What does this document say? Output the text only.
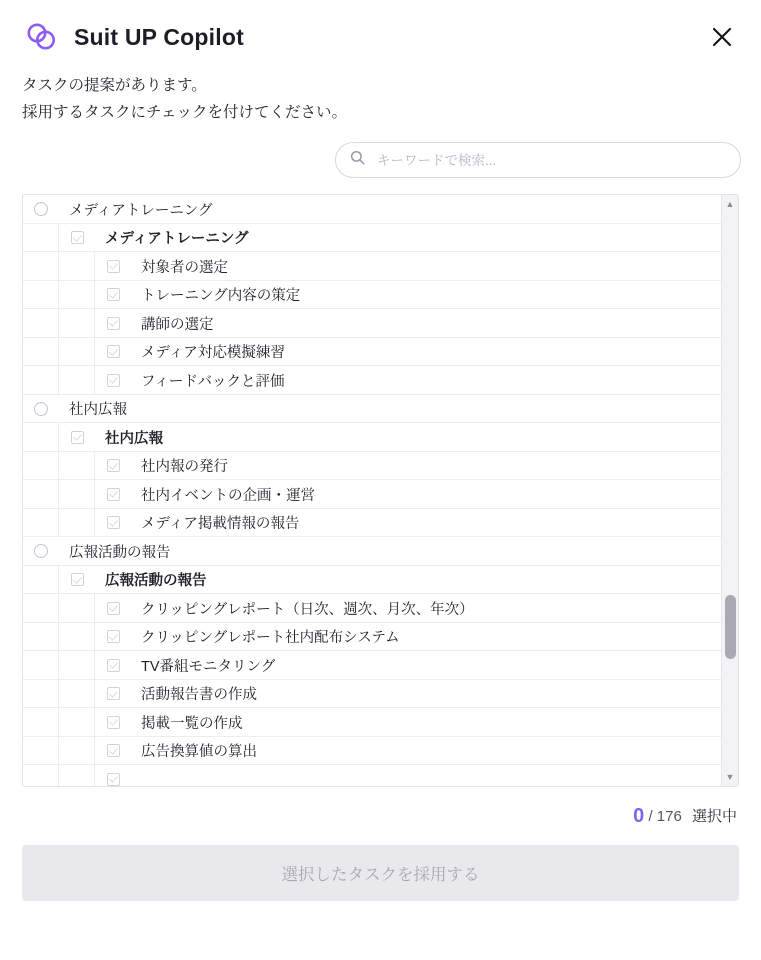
Suit UP Copilot
タスクの提案があります。
採用するタスクにチェックを付けてください。
キーワードで検索...
メディアトレーニング
メディアトレーニング
対象者の選定
トレーニング内容の策定
講師の選定
メディア対応模擬練習
フィードバックと評価
社内広報
社内広報
社内報の発行
社内イベントの企画・運営
メディア掲載情報の報告
広報活動の報告
広報活動の報告
クリッピングレポート（日次、週次、月次、年次）
クリッピングレポート社内配布システム
TV番組モニタリング
活動報告書の作成
掲載一覧の作成
広告換算値の算出
▲
▼
0 / 176 選択中
選択したタスクを採用する
